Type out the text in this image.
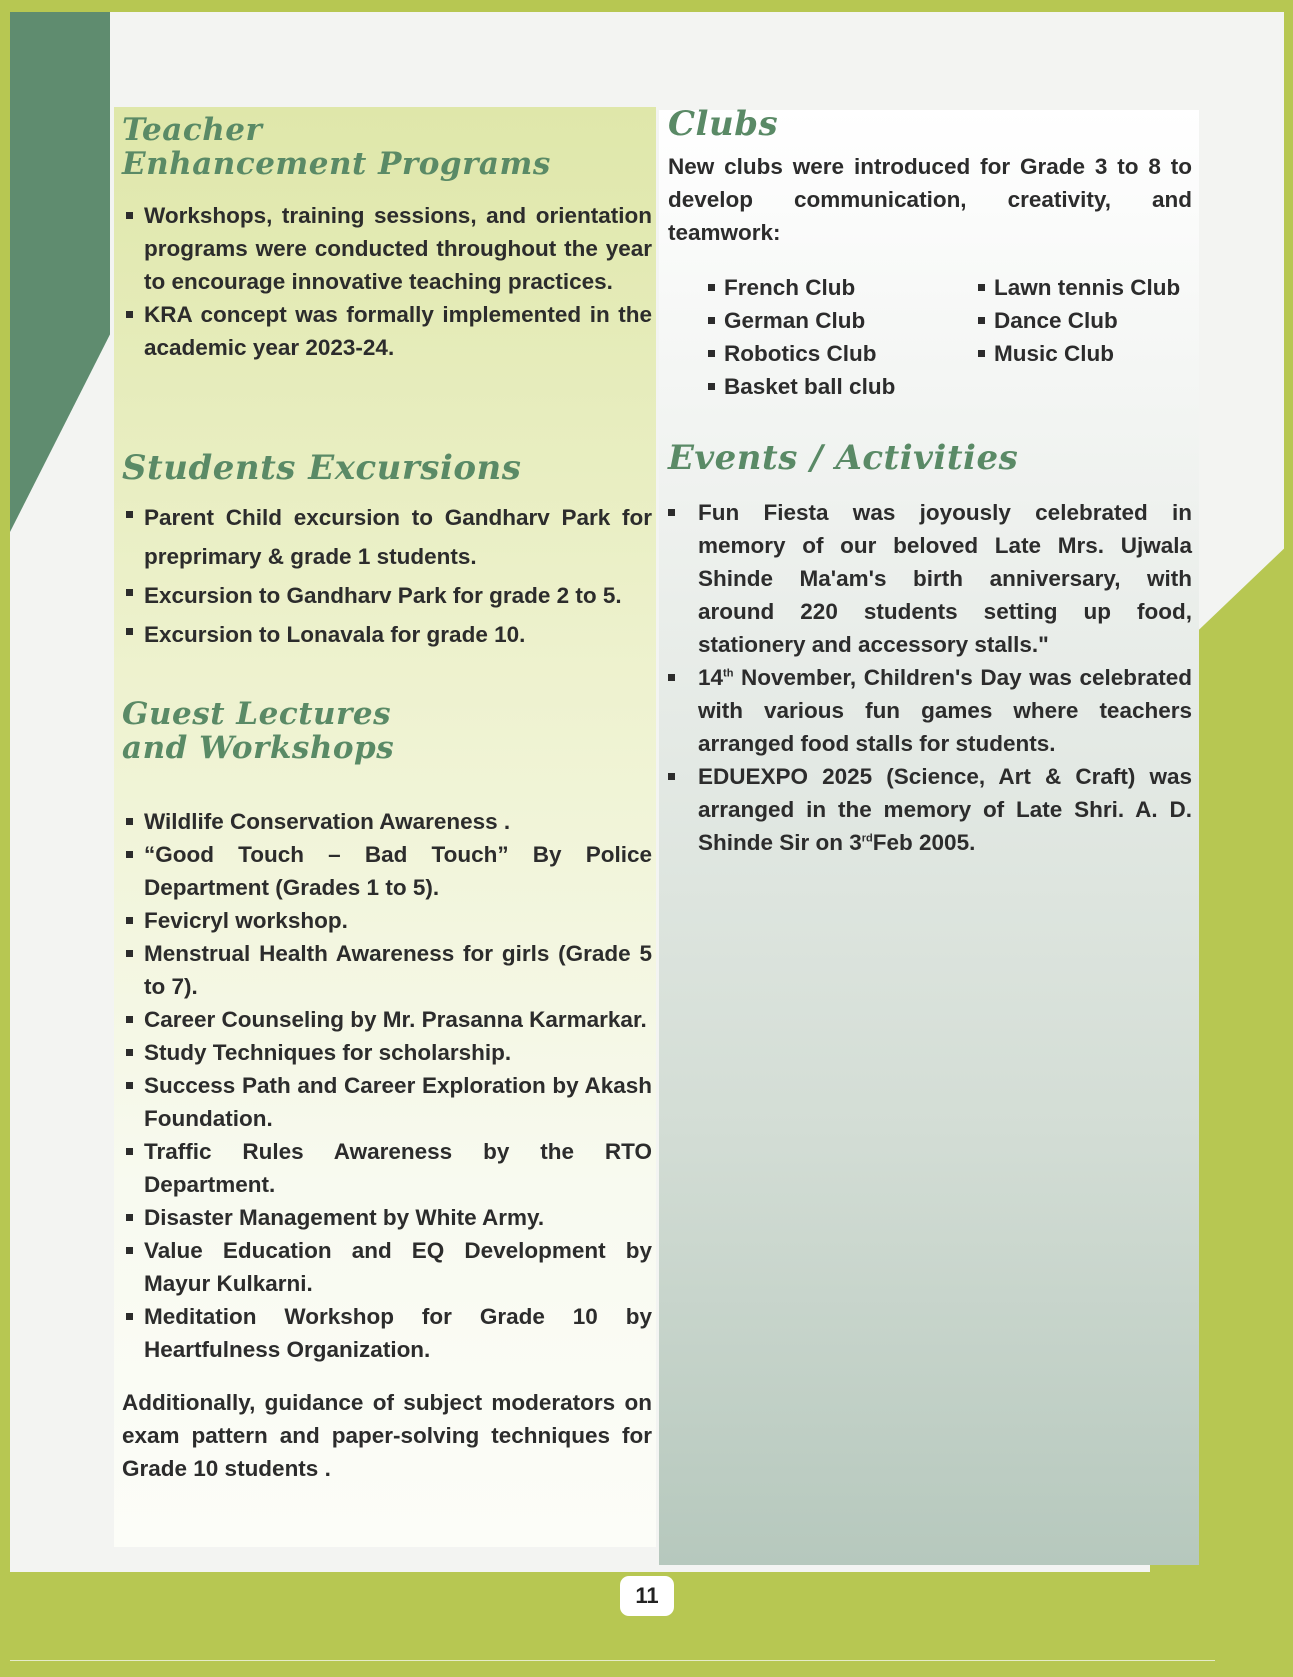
11
Teacher
Enhancement Programs
Workshops, training sessions, and orientation programs were conducted throughout the year to encourage innovative teaching practices.
KRA concept was formally implemented in the academic year 2023-24.
Students Excursions
Parent Child excursion to Gandharv Park for preprimary & grade 1 students.
Excursion to Gandharv Park for grade 2 to 5.
Excursion to Lonavala for grade 10.
Guest Lectures
and Workshops
Wildlife Conservation Awareness .
“Good Touch – Bad Touch” By Police Department (Grades 1 to 5).
Fevicryl workshop.
Menstrual Health Awareness for girls (Grade 5 to 7).
Career Counseling by Mr. Prasanna Karmarkar.
Study Techniques for scholarship.
Success Path and Career Exploration by Akash Foundation.
Traffic Rules Awareness by the RTO Department.
Disaster Management by White Army.
Value Education and EQ Development by Mayur Kulkarni.
Meditation Workshop for Grade 10 by Heartfulness Organization.

Additionally, guidance of subject moderators on exam pattern and paper-solving techniques for Grade 10 students .

Clubs

New clubs were introduced for Grade 3 to 8 to develop communication, creativity, and teamwork:

French Club
German Club
Robotics Club
Basket ball club
Lawn tennis Club
Dance Club
Music Club
Events / Activities
Fun Fiesta was joyously celebrated in memory of our beloved Late Mrs. Ujwala Shinde Ma'am's birth anniversary, with around 220 students setting up food, stationery and accessory stalls."
14th November, Children's Day was celebrated with various fun games where teachers arranged food stalls for students.
EDUEXPO 2025 (Science, Art & Craft) was arranged in the memory of Late Shri. A. D. Shinde Sir on 3rdFeb 2005.
